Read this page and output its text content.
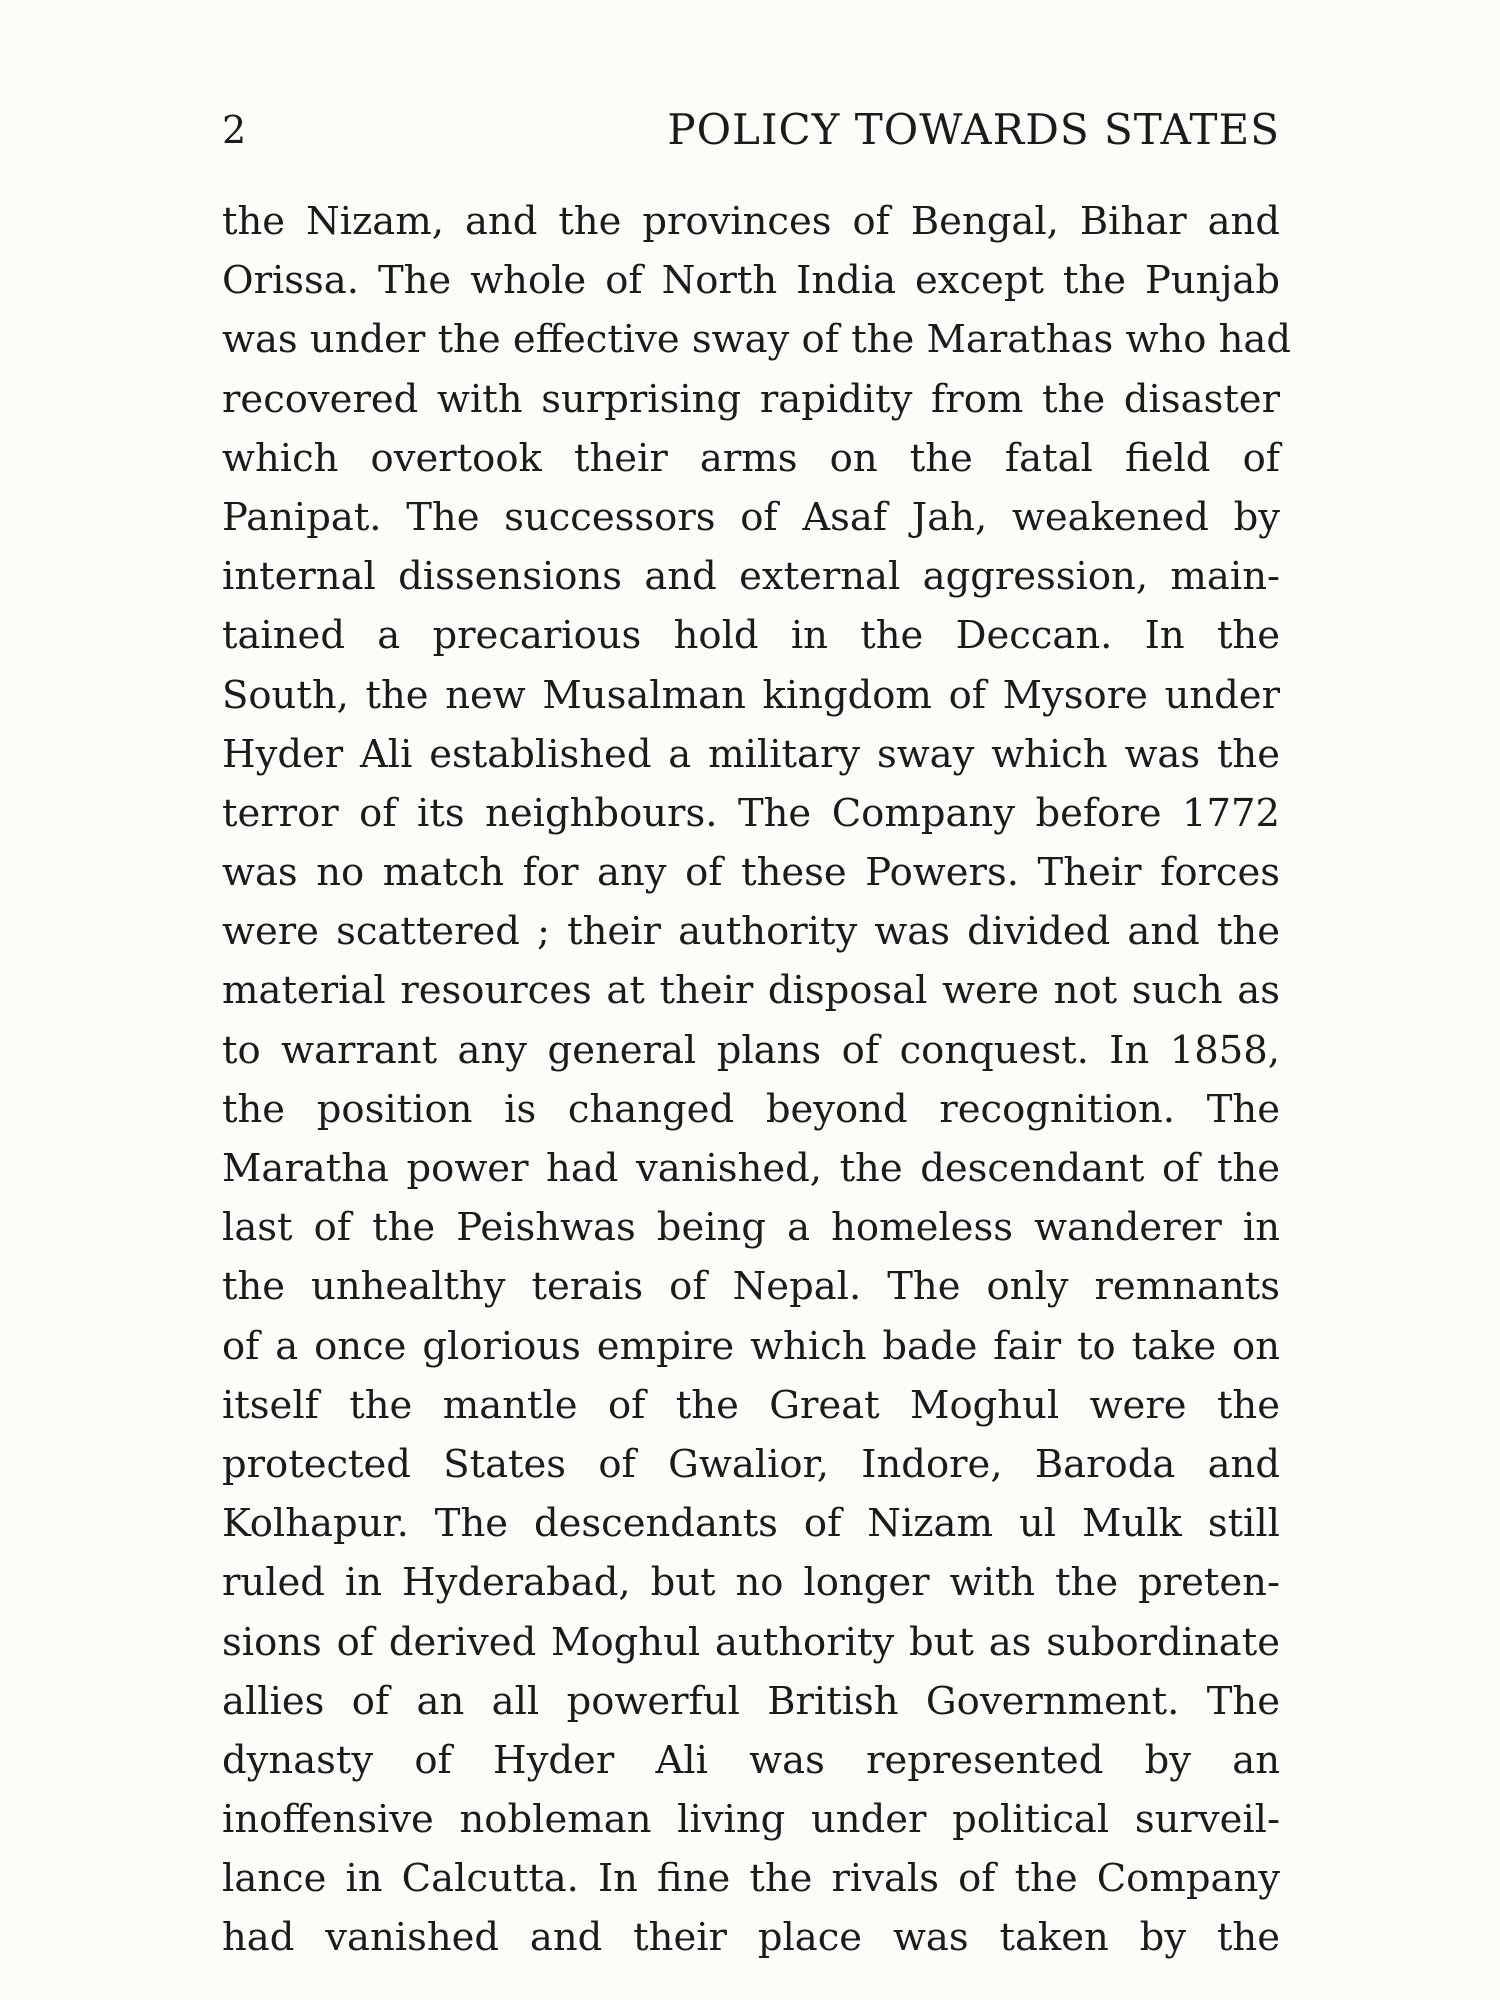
2	POLICY TOWARDS STATES
the Nizam, and the provinces of Bengal, Bihar and
Orissa. The whole of North India except the Punjab
was under the effective sway of the Marathas who had
recovered with surprising rapidity from the disaster
which overtook their arms on the fatal field of
Panipat. The successors of Asaf Jah, weakened by
internal dissensions and external aggression, main-
tained a precarious hold in the Deccan. In the
South, the new Musalman kingdom of Mysore under
Hyder Ali established a military sway which was the
terror of its neighbours. The Company before 1772
was no match for any of these Powers. Their forces
were scattered ; their authority was divided and the
material resources at their disposal were not such as
to warrant any general plans of conquest. In 1858,
the position is changed beyond recognition. The
Maratha power had vanished, the descendant of the
last of the Peishwas being a homeless wanderer in
the unhealthy terais of Nepal. The only remnants
of a once glorious empire which bade fair to take on
itself the mantle of the Great Moghul were the
protected States of Gwalior, Indore, Baroda and
Kolhapur. The descendants of Nizam ul Mulk still
ruled in Hyderabad, but no longer with the preten-
sions of derived Moghul authority but as subordinate
allies of an all powerful British Government. The
dynasty of Hyder Ali was represented by an
inoffensive nobleman living under political surveil-
lance in Calcutta. In fine the rivals of the Company
had vanished and their place was taken by the
